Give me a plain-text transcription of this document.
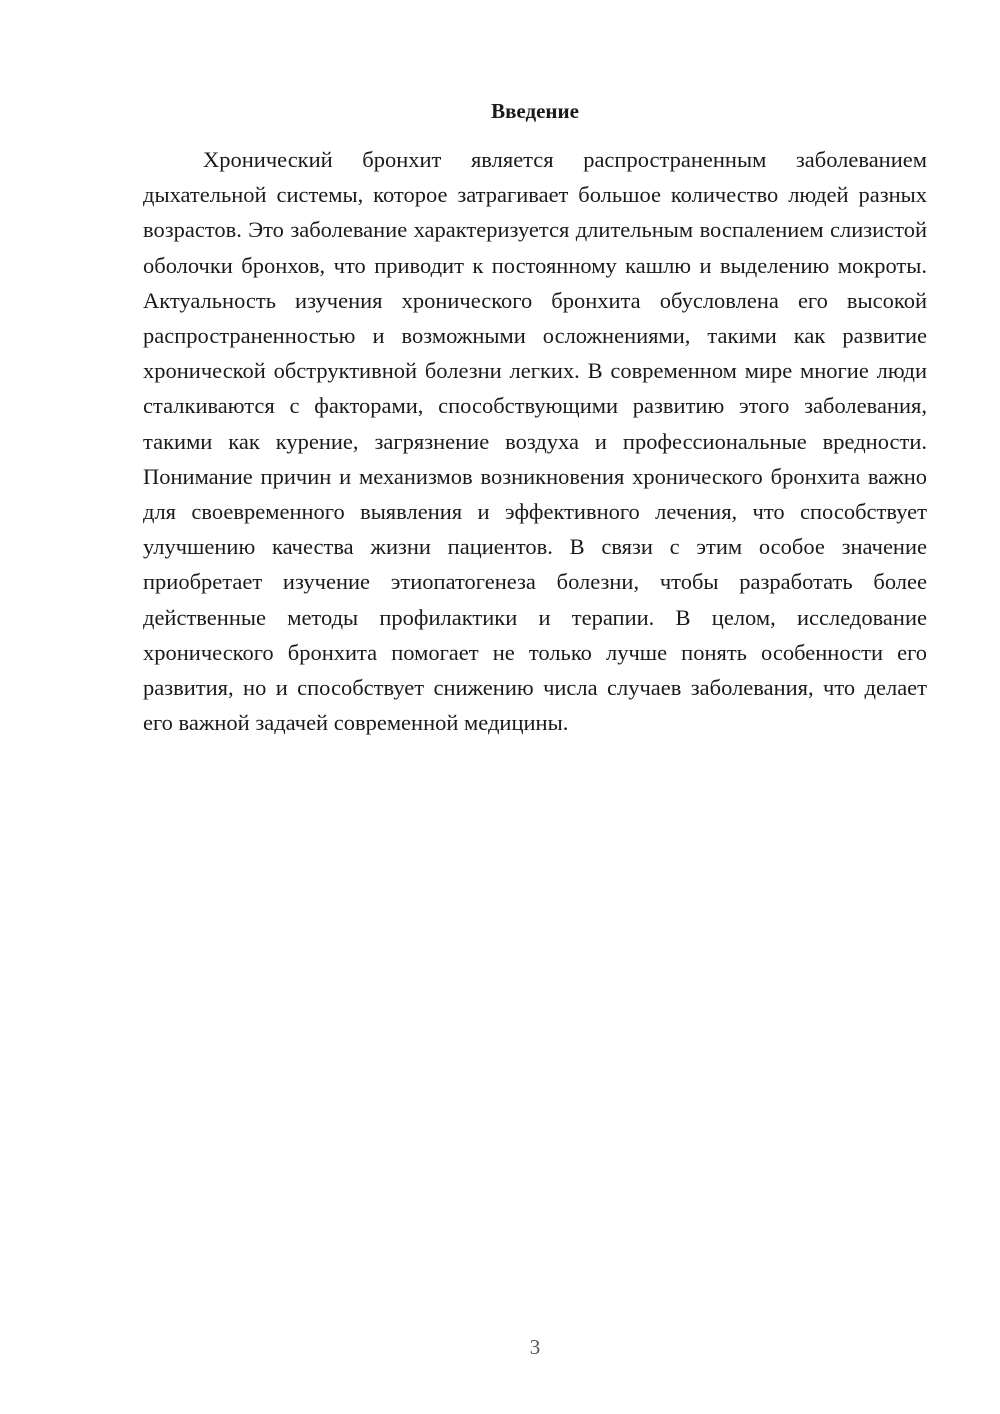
Введение

Хронический бронхит является распространенным заболеванием дыхательной системы, которое затрагивает большое количество людей разных возрастов. Это заболевание характеризуется длительным воспалением слизистой оболочки бронхов, что приводит к постоянному кашлю и выделению мокроты. Актуальность изучения хронического бронхита обусловлена его высокой распространенностью и возможными осложнениями, такими как развитие хронической обструктивной болезни легких. В современном мире многие люди сталкиваются с факторами, способствующими развитию этого заболевания, такими как курение, загрязнение воздуха и профессиональные вредности. Понимание причин и механизмов возникновения хронического бронхита важно для своевременного выявления и эффективного лечения, что способствует улучшению качества жизни пациентов. В связи с этим особое значение приобретает изучение этиопатогенеза болезни, чтобы разработать более действенные методы профилактики и терапии. В целом, исследование хронического бронхита помогает не только лучше понять особенности его развития, но и способствует снижению числа случаев заболевания, что делает его важной задачей современной медицины.

3
